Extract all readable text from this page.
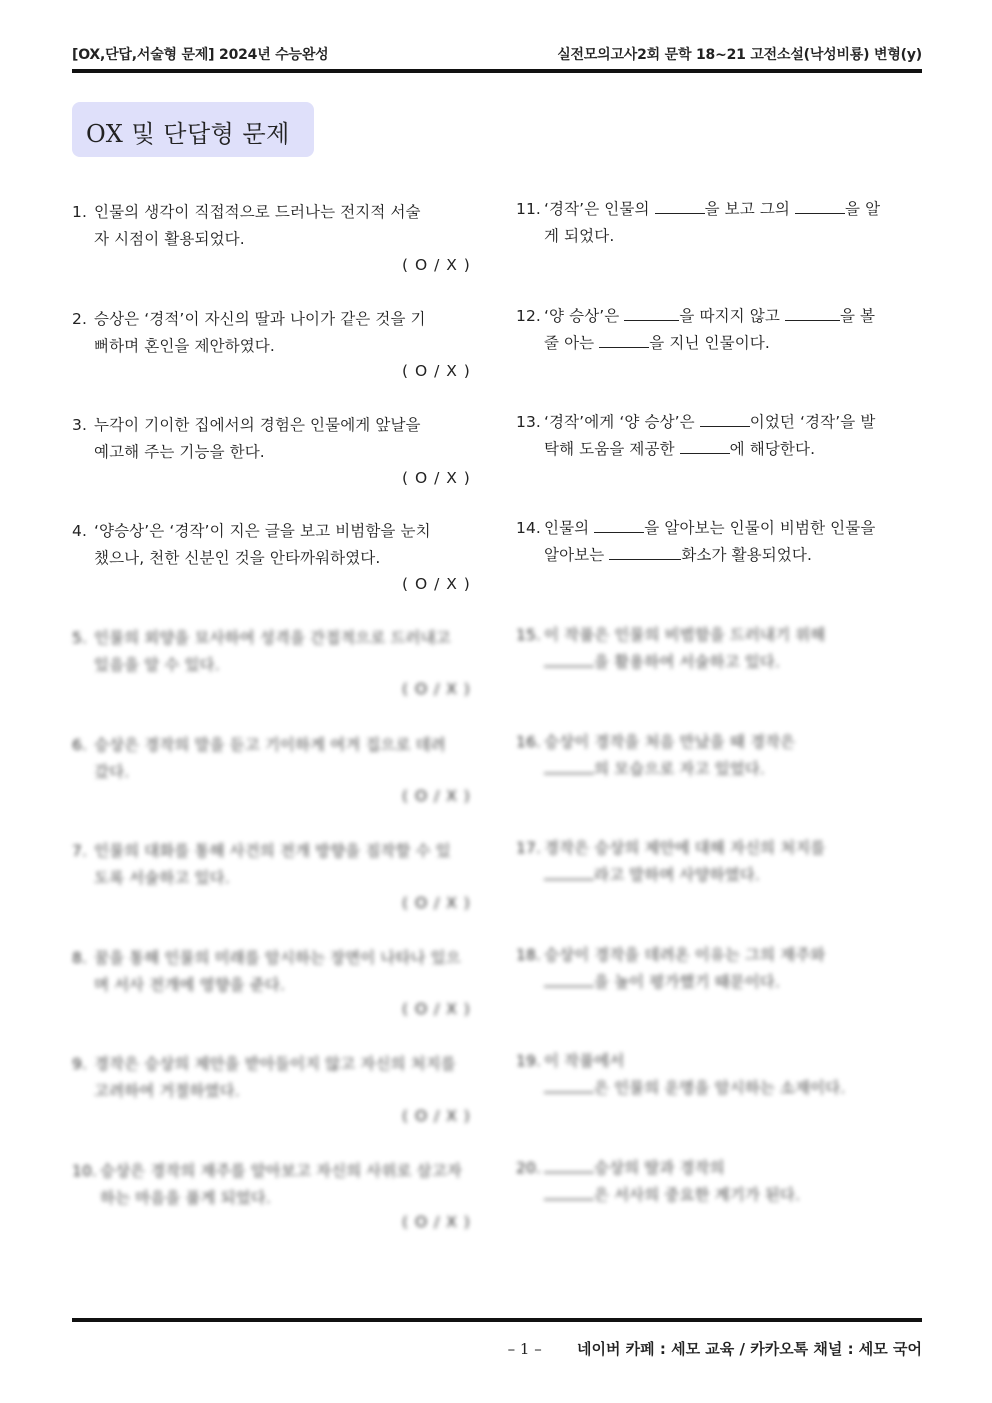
[OX,단답,서술형 문제] 2024년 수능완성	실전모의고사2회 문학 18~21 고전소설(낙성비룡) 변형(y)
OX 및 단답형 문제
1. 인물의 생각이 직접적으로 드러나는 전지적 서술
자 시점이 활용되었다.
( O / X )
2. 승상은 ‘경적’이 자신의 딸과 나이가 같은 것을 기
뻐하며 혼인을 제안하였다.
( O / X )
3. 누각이 기이한 집에서의 경험은 인물에게 앞날을
예고해 주는 기능을 한다.
( O / X )
4. ‘양승상’은 ‘경작’이 지은 글을 보고 비범함을 눈치
챘으나, 천한 신분인 것을 안타까워하였다.
( O / X )
5. 인물의 외양을 묘사하여 성격을 간접적으로 드러내고
있음을 알 수 있다.
( O / X )
6. 승상은 경작의 말을 듣고 기이하게 여겨 집으로 데려
갔다.
( O / X )
7. 인물의 대화를 통해 사건의 전개 방향을 짐작할 수 있
도록 서술하고 있다.
( O / X )
8. 꿈을 통해 인물의 미래를 암시하는 장면이 나타나 있으
며 서사 전개에 영향을 준다.
( O / X )
9. 경작은 승상의 제안을 받아들이지 않고 자신의 처지를
고려하여 거절하였다.
( O / X )
10. 승상은 경작의 재주를 알아보고 자신의 사위로 삼고자
하는 마음을 품게 되었다.
( O / X )
11. ‘경작’은 인물의	을 보고 그의	을 알
게 되었다.
12. ‘양 승상’은	을 따지지 않고	을 볼
줄 아는	을 지닌 인물이다.
13. ‘경작’에게 ‘양 승상’은	이었던 ‘경작’을 발
탁해 도움을 제공한	에 해당한다.
14. 인물의	을 알아보는 인물이 비범한 인물을
알아보는	화소가 활용되었다.
15. 이 작품은 인물의 비범함을 드러내기 위해
을 활용하여 서술하고 있다.
16. 승상이 경작을 처음 만났을 때 경작은
의 모습으로 자고 있었다.
17. 경작은 승상의 제안에 대해 자신의 처지를
라고 말하며 사양하였다.
18. 승상이 경작을 데려온 이유는 그의 재주와
을 높이 평가했기 때문이다.
19. 이 작품에서
은 인물의 운명을 암시하는 소재이다.
20.	승상의 딸과 경작의
은 서사의 중요한 계기가 된다.
– 1 – 네이버 카페 : 세모 교육 / 카카오톡 채널 : 세모 국어
